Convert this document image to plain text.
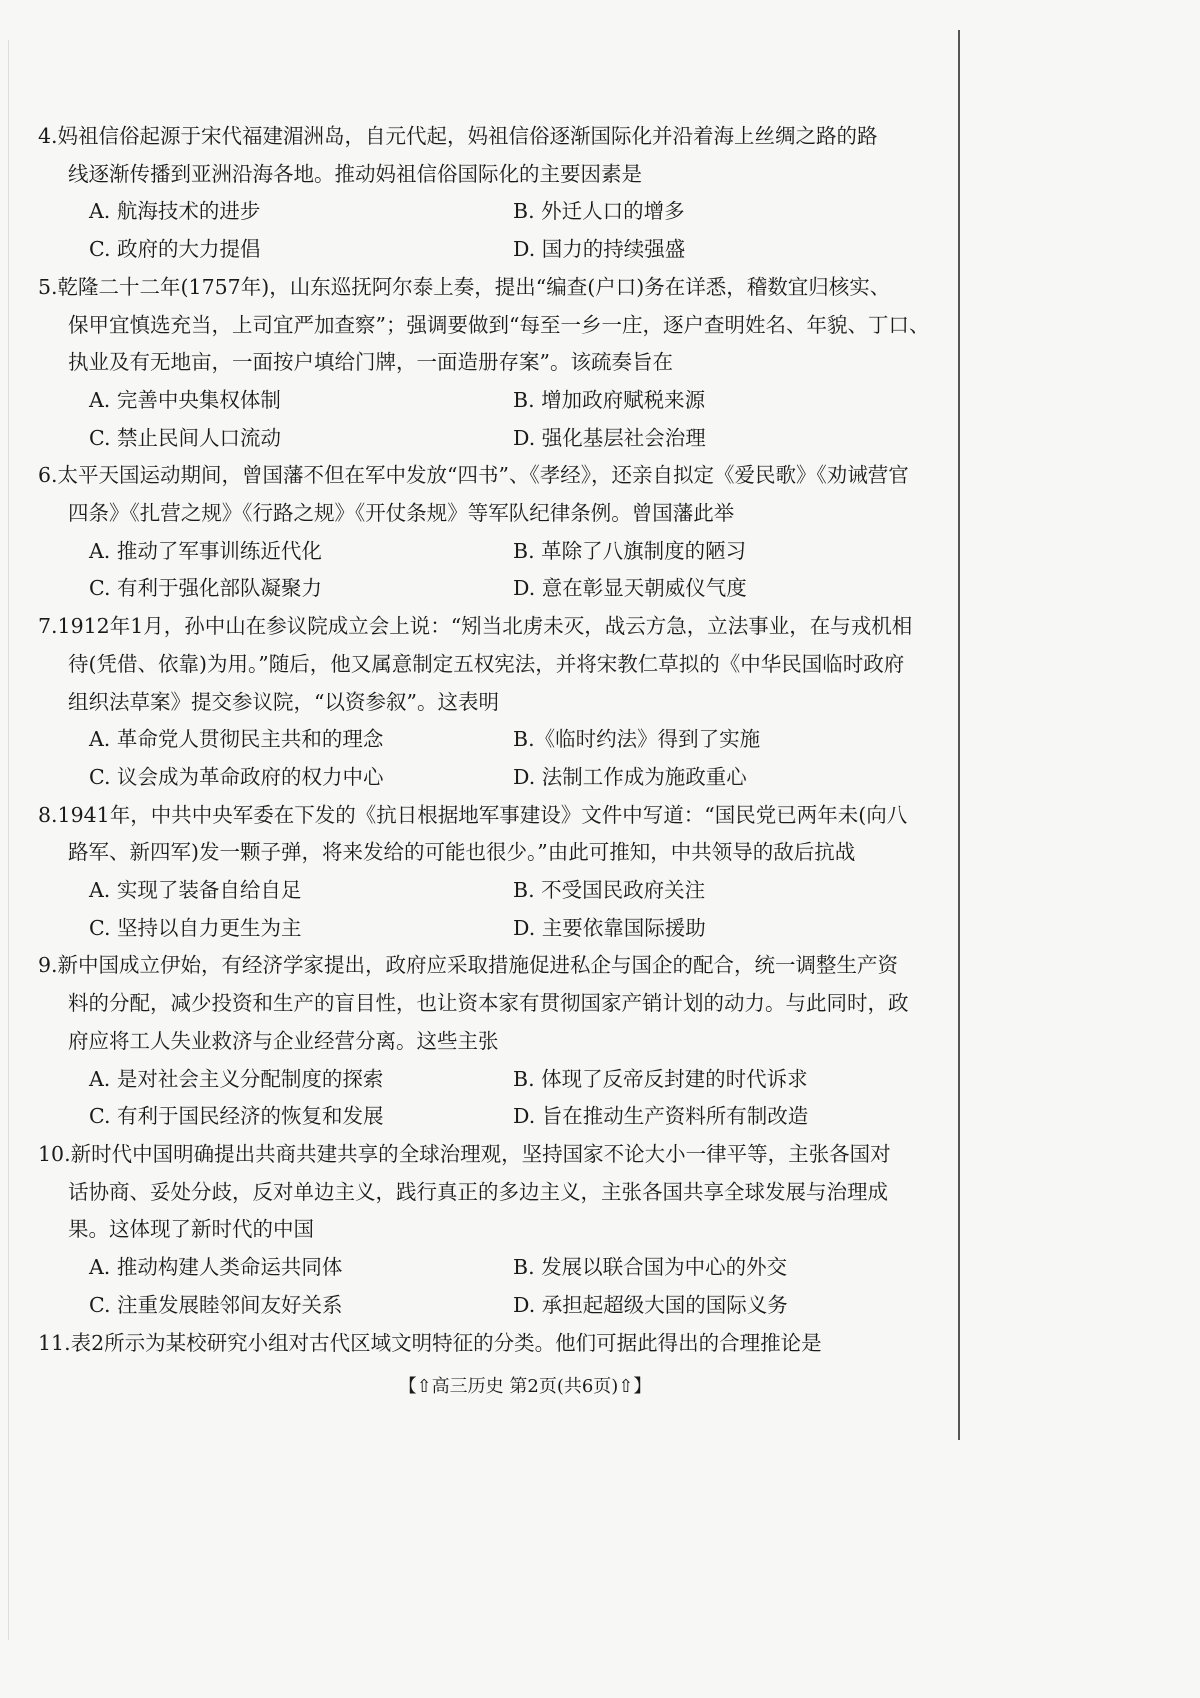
4.妈祖信俗起源于宋代福建湄洲岛，自元代起，妈祖信俗逐渐国际化并沿着海上丝绸之路的路
线逐渐传播到亚洲沿海各地。推动妈祖信俗国际化的主要因素是
A. 航海技术的进步	B. 外迁人口的增多
C. 政府的大力提倡	D. 国力的持续强盛
5.乾隆二十二年(1757年)，山东巡抚阿尔泰上奏，提出“编查(户口)务在详悉，稽数宜归核实、
保甲宜慎选充当，上司宜严加查察”；强调要做到“每至一乡一庄，逐户查明姓名、年貌、丁口、
执业及有无地亩，一面按户填给门牌，一面造册存案”。该疏奏旨在
A. 完善中央集权体制	B. 增加政府赋税来源
C. 禁止民间人口流动	D. 强化基层社会治理
6.太平天国运动期间，曾国藩不但在军中发放“四书”、《孝经》，还亲自拟定《爱民歌》《劝诫营官
四条》《扎营之规》《行路之规》《开仗条规》等军队纪律条例。曾国藩此举
A. 推动了军事训练近代化	B. 革除了八旗制度的陋习
C. 有利于强化部队凝聚力	D. 意在彰显天朝威仪气度
7.1912年1月，孙中山在参议院成立会上说：“矧当北虏未灭，战云方急，立法事业，在与戎机相
待(凭借、依靠)为用。”随后，他又属意制定五权宪法，并将宋教仁草拟的《中华民国临时政府
组织法草案》提交参议院，“以资参叙”。这表明
A. 革命党人贯彻民主共和的理念	B.《临时约法》得到了实施
C. 议会成为革命政府的权力中心	D. 法制工作成为施政重心
8.1941年，中共中央军委在下发的《抗日根据地军事建设》文件中写道：“国民党已两年未(向八
路军、新四军)发一颗子弹，将来发给的可能也很少。”由此可推知，中共领导的敌后抗战
A. 实现了装备自给自足	B. 不受国民政府关注
C. 坚持以自力更生为主	D. 主要依靠国际援助
9.新中国成立伊始，有经济学家提出，政府应采取措施促进私企与国企的配合，统一调整生产资
料的分配，减少投资和生产的盲目性，也让资本家有贯彻国家产销计划的动力。与此同时，政
府应将工人失业救济与企业经营分离。这些主张
A. 是对社会主义分配制度的探索	B. 体现了反帝反封建的时代诉求
C. 有利于国民经济的恢复和发展	D. 旨在推动生产资料所有制改造
10.新时代中国明确提出共商共建共享的全球治理观，坚持国家不论大小一律平等，主张各国对
话协商、妥处分歧，反对单边主义，践行真正的多边主义，主张各国共享全球发展与治理成
果。这体现了新时代的中国
A. 推动构建人类命运共同体	B. 发展以联合国为中心的外交
C. 注重发展睦邻间友好关系	D. 承担起超级大国的国际义务
11.表2所示为某校研究小组对古代区域文明特征的分类。他们可据此得出的合理推论是
【⇧高三历史 第2页(共6页)⇧】
